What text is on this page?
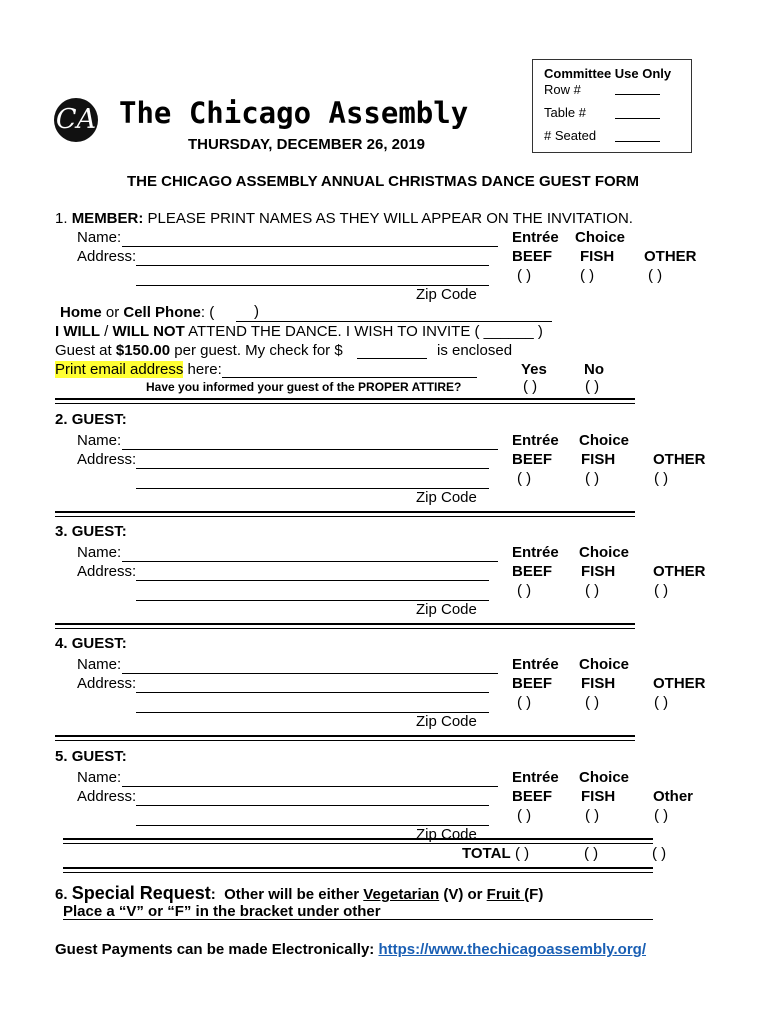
Committee Use Only
Row #
Table #
# Seated
CA The Chicago Assembly
THURSDAY, DECEMBER 26, 2019
THE CHICAGO ASSEMBLY ANNUAL CHRISTMAS DANCE GUEST FORM
1. MEMBER: PLEASE PRINT NAMES AS THEY WILL APPEAR ON THE INVITATION.
Name:
Address:
Zip Code
Entrée Choice
BEEF FISH OTHER
( )	( )	( )
Home or Cell Phone: (	)
I WILL / WILL NOT ATTEND THE DANCE. I WISH TO INVITE ( ______ )
Guest at $150.00 per guest. My check for $	is enclosed
Print email address here:	Yes No
Have you informed your guest of the PROPER ATTIRE?	( )	( )
2. GUEST:
Name:
Address:
Zip Code
Entrée Choice
BEEF FISH	OTHER
( )	( )	( )
3. GUEST:
Name:
Address:
Zip Code
Entrée Choice
BEEF FISH	OTHER
( )	( )	( )
4. GUEST:
Name:
Address:
Zip Code
Entrée Choice
BEEF FISH	OTHER
( )	( )	( )
5. GUEST:
Name:
Address:
Zip Code
Entrée Choice
BEEF FISH	Other
( )	( )	( )
TOTAL ( )	( )	( )
6. Special Request: Other will be either Vegetarian (V) or Fruit (F)
Place a “V” or “F” in the bracket under other
Guest Payments can be made Electronically: https://www.thechicagoassembly.org/
